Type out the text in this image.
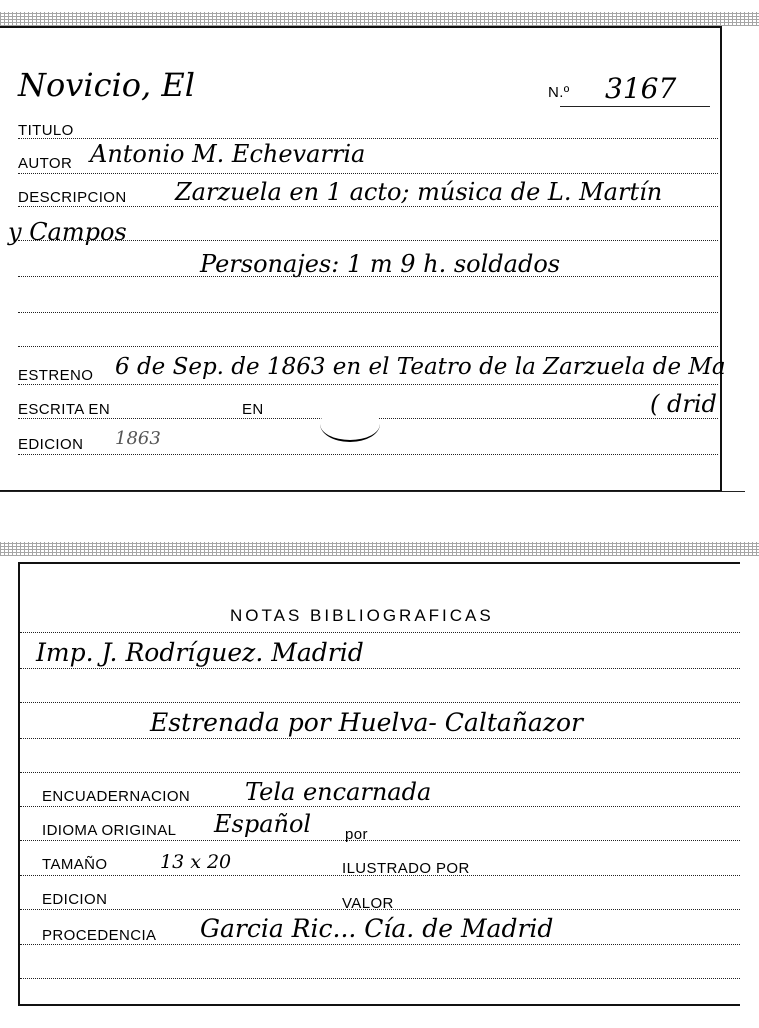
Novicio, El	N.º 3167
TITULO
AUTOR Antonio M. Echevarria
DESCRIPCION Zarzuela en 1 acto; música de L. Martín
y Campos
Personajes: 1 m 9 h. soldados
ESTRENO 6 de Sep. de 1863 en el Teatro de la Zarzuela de Ma
ESCRITA EN	EN	( drid
EDICION 1863
NOTAS BIBLIOGRAFICAS
Imp. J. Rodríguez. Madrid
Estrenada por Huelva- Caltañazor
ENCUADERNACION Tela encarnada
IDIOMA ORIGINAL Español por
TAMAÑO	13 x 20	ILUSTRADO POR
EDICION	VALOR
PROCEDENCIA Garcia Ric... Cía. de Madrid
